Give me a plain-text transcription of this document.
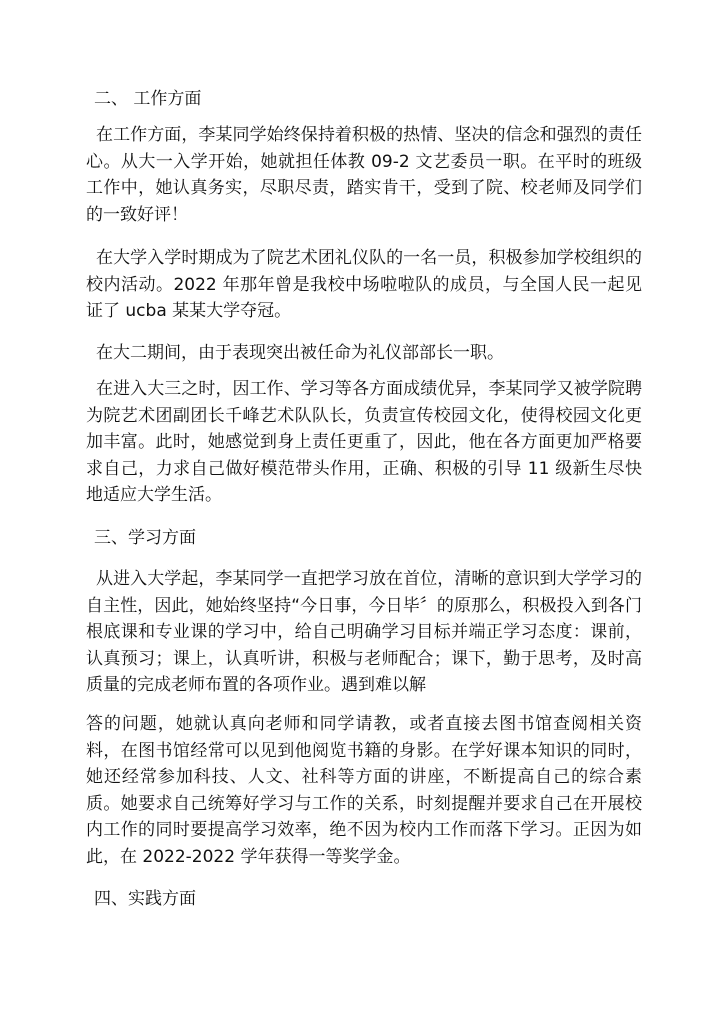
二、 工作方面

在工作方面，李某同学始终保持着积极的热情、坚决的信念和强烈的责任心。从大一入学开始，她就担任体教 09-2 文艺委员一职。在平时的班级工作中，她认真务实，尽职尽责，踏实肯干，受到了院、校老师及同学们的一致好评！

在大学入学时期成为了院艺术团礼仪队的一名一员，积极参加学校组织的校内活动。2022 年那年曾是我校中场啦啦队的成员，与全国人民一起见证了 ucba 某某大学夺冠。

在大二期间，由于表现突出被任命为礼仪部部长一职。

在进入大三之时，因工作、学习等各方面成绩优异，李某同学又被学院聘为院艺术团副团长千峰艺术队队长，负责宣传校园文化，使得校园文化更加丰富。此时，她感觉到身上责任更重了，因此，他在各方面更加严格要求自己，力求自己做好模范带头作用，正确、积极的引导 11 级新生尽快地适应大学生活。

三、学习方面

从进入大学起，李某同学一直把学习放在首位，清晰的意识到大学学习的自主性，因此，她始终坚持“今日事，今日毕〞的原那么，积极投入到各门根底课和专业课的学习中，给自己明确学习目标并端正学习态度：课前，认真预习；课上，认真听讲，积极与老师配合；课下，勤于思考，及时高质量的完成老师布置的各项作业。遇到难以解

答的问题，她就认真向老师和同学请教，或者直接去图书馆查阅相关资料，在图书馆经常可以见到他阅览书籍的身影。在学好课本知识的同时，她还经常参加科技、人文、社科等方面的讲座，不断提高自己的综合素质。她要求自己统筹好学习与工作的关系，时刻提醒并要求自己在开展校内工作的同时要提高学习效率，绝不因为校内工作而落下学习。正因为如此，在 2022-2022 学年获得一等奖学金。

四、实践方面
